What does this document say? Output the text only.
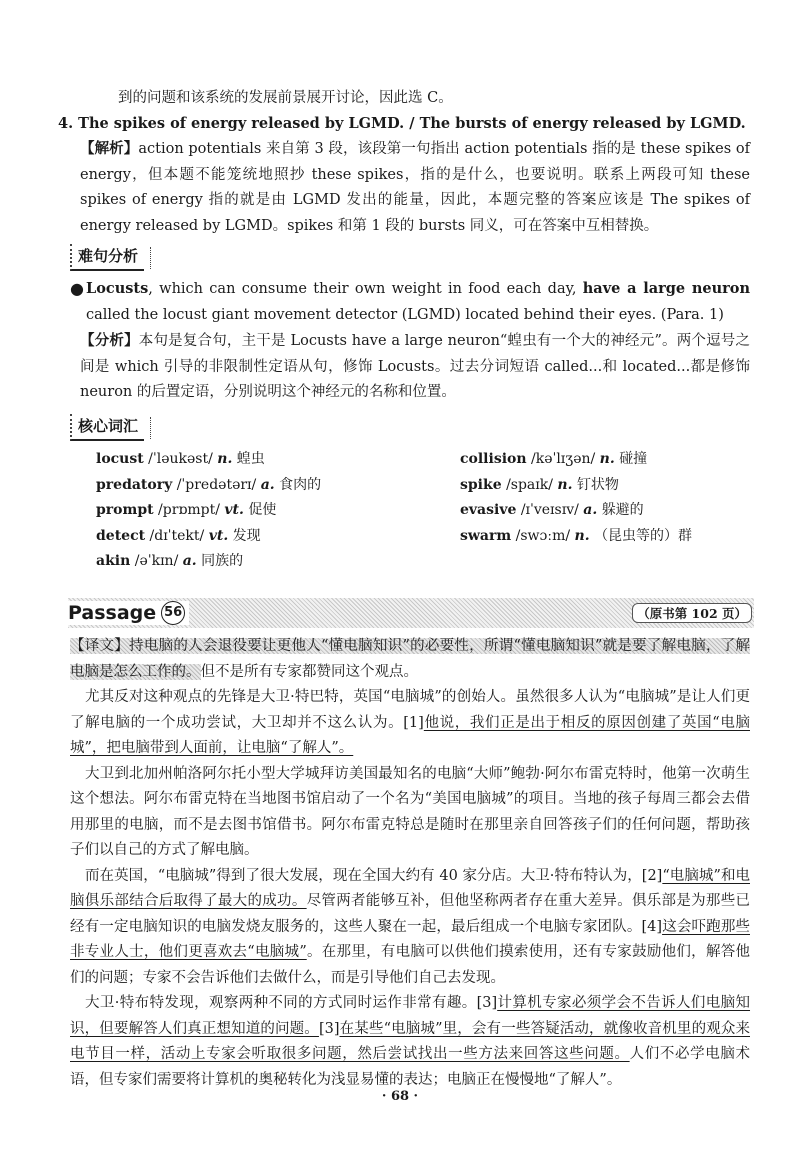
到的问题和该系统的发展前景展开讨论，因此选 C。

4. The spikes of energy released by LGMD. / The bursts of energy released by LGMD.

【解析】action potentials 来自第 3 段，该段第一句指出 action potentials 指的是 these spikes of energy，但本题不能笼统地照抄 these spikes，指的是什么，也要说明。联系上两段可知 these spikes of energy 指的就是由 LGMD 发出的能量，因此，本题完整的答案应该是 The spikes of energy released by LGMD。spikes 和第 1 段的 bursts 同义，可在答案中互相替换。

难句分析
● Locusts, which can consume their own weight in food each day, have a large neuron called the locust giant movement detector (LGMD) located behind their eyes. (Para. 1)

【分析】本句是复合句，主干是 Locusts have a large neuron“蝗虫有一个大的神经元”。两个逗号之间是 which 引导的非限制性定语从句，修饰 Locusts。过去分词短语 called...和 located...都是修饰 neuron 的后置定语，分别说明这个神经元的名称和位置。

核心词汇
locust /ˈləukəst/ n. 蝗虫
predatory /ˈpredətərɪ/ a. 食肉的
prompt /prɒmpt/ vt. 促使
detect /dɪˈtekt/ vt. 发现
akin /əˈkɪn/ a. 同族的
collision /kəˈlɪʒən/ n. 碰撞
spike /spaɪk/ n. 钉状物
evasive /ɪˈveɪsɪv/ a. 躲避的
swarm /swɔːm/ n. （昆虫等的）群
Passage 56	（原书第 102 页）

【译文】持电脑的人会退役要让更他人“懂电脑知识”的必要性，所谓“懂电脑知识”就是要了解电脑，了解电脑是怎么工作的。但不是所有专家都赞同这个观点。

尤其反对这种观点的先锋是大卫·特巴特，英国“电脑城”的创始人。虽然很多人认为“电脑城”是让人们更了解电脑的一个成功尝试，大卫却并不这么认为。[1]他说，我们正是出于相反的原因创建了英国“电脑城”，把电脑带到人面前，让电脑“了解人”。

大卫到北加州帕洛阿尔托小型大学城拜访美国最知名的电脑“大师”鲍勃·阿尔布雷克特时，他第一次萌生这个想法。阿尔布雷克特在当地图书馆启动了一个名为“美国电脑城”的项目。当地的孩子每周三都会去借用那里的电脑，而不是去图书馆借书。阿尔布雷克特总是随时在那里亲自回答孩子们的任何问题，帮助孩子们以自己的方式了解电脑。

而在英国，“电脑城”得到了很大发展，现在全国大约有 40 家分店。大卫·特布特认为，[2]“电脑城”和电脑俱乐部结合后取得了最大的成功。尽管两者能够互补，但他坚称两者存在重大差异。俱乐部是为那些已经有一定电脑知识的电脑发烧友服务的，这些人聚在一起，最后组成一个电脑专家团队。[4]这会吓跑那些非专业人士，他们更喜欢去“电脑城”。在那里，有电脑可以供他们摸索使用，还有专家鼓励他们，解答他们的问题；专家不会告诉他们去做什么，而是引导他们自己去发现。

大卫·特布特发现，观察两种不同的方式同时运作非常有趣。[3]计算机专家必须学会不告诉人们电脑知识，但要解答人们真正想知道的问题。[3]在某些“电脑城”里，会有一些答疑活动，就像收音机里的观众来电节目一样，活动上专家会听取很多问题，然后尝试找出一些方法来回答这些问题。人们不必学电脑术语，但专家们需要将计算机的奥秘转化为浅显易懂的表达；电脑正在慢慢地“了解人”。

· 68 ·
